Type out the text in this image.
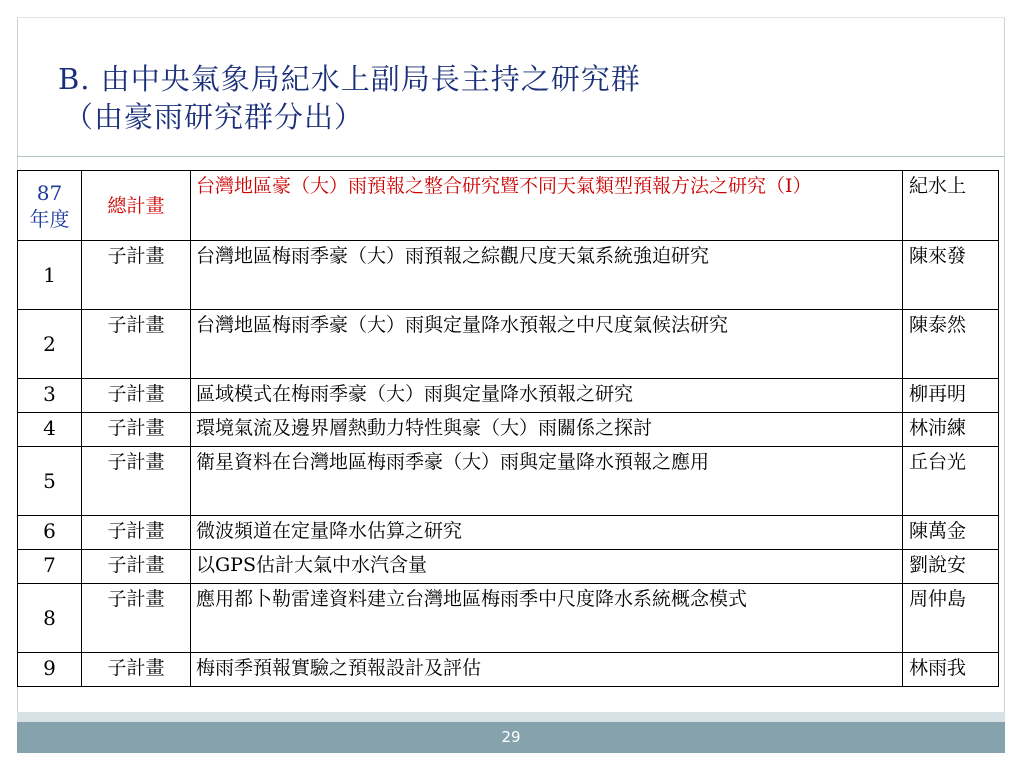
B. 由中央氣象局紀水上副局長主持之研究群
（由豪雨研究群分出）
87
年度	總計畫	台灣地區豪（大）雨預報之整合研究暨不同天氣類型預報方法之研究（I）	紀水上
1	子計畫	台灣地區梅雨季豪（大）雨預報之綜觀尺度天氣系統強迫研究	陳來發
2	子計畫	台灣地區梅雨季豪（大）雨與定量降水預報之中尺度氣候法研究	陳泰然
3	子計畫	區域模式在梅雨季豪（大）雨與定量降水預報之研究	柳再明
4	子計畫	環境氣流及邊界層熱動力特性與豪（大）雨關係之探討	林沛練
5	子計畫	衛星資料在台灣地區梅雨季豪（大）雨與定量降水預報之應用	丘台光
6	子計畫	微波頻道在定量降水估算之研究	陳萬金
7	子計畫	以GPS估計大氣中水汽含量	劉說安
8	子計畫	應用都卜勒雷達資料建立台灣地區梅雨季中尺度降水系統概念模式	周仲島
9	子計畫	梅雨季預報實驗之預報設計及評估	林雨我
29
